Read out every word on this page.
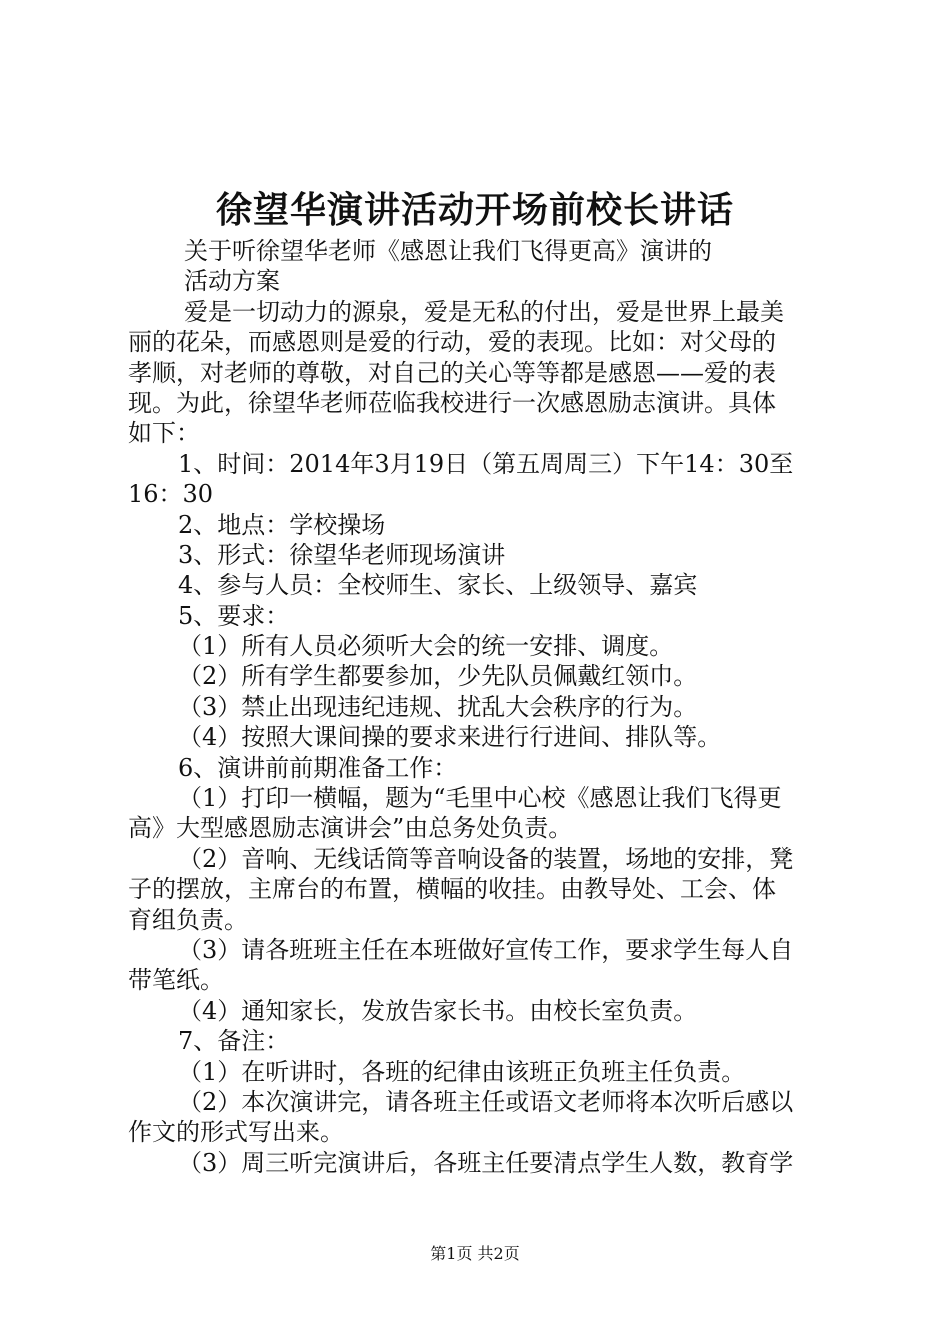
徐望华演讲活动开场前校长讲话
关于听徐望华老师《感恩让我们飞得更高》演讲的
活动方案
爱是一切动力的源泉，爱是无私的付出，爱是世界上最美
丽的花朵，而感恩则是爱的行动，爱的表现。比如：对父母的
孝顺，对老师的尊敬，对自己的关心等等都是感恩——爱的表
现。为此，徐望华老师莅临我校进行一次感恩励志演讲。具体
如下：
1、时间：2014年3月19日（第五周周三）下午14：30至
16：30
2、地点：学校操场
3、形式：徐望华老师现场演讲
4、参与人员：全校师生、家长、上级领导、嘉宾
5、要求：
（1）所有人员必须听大会的统一安排、调度。
（2）所有学生都要参加，少先队员佩戴红领巾。
（3）禁止出现违纪违规、扰乱大会秩序的行为。
（4）按照大课间操的要求来进行行进间、排队等。
6、演讲前前期准备工作：
（1）打印一横幅，题为“毛里中心校《感恩让我们飞得更
高》大型感恩励志演讲会”由总务处负责。
（2）音响、无线话筒等音响设备的装置，场地的安排，凳
子的摆放，主席台的布置，横幅的收挂。由教导处、工会、体
育组负责。
（3）请各班班主任在本班做好宣传工作，要求学生每人自
带笔纸。
（4）通知家长，发放告家长书。由校长室负责。
7、备注：
（1）在听讲时，各班的纪律由该班正负班主任负责。
（2）本次演讲完，请各班主任或语文老师将本次听后感以
作文的形式写出来。
（3）周三听完演讲后，各班主任要清点学生人数，教育学
第1页 共2页
